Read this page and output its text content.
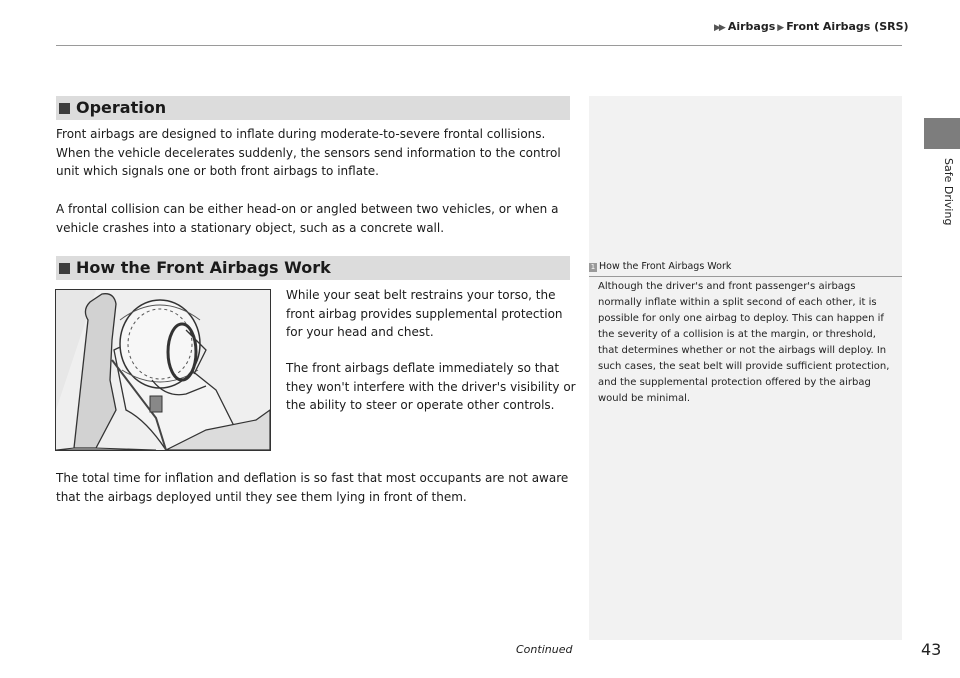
▶▶ Airbags ▶ Front Airbags (SRS)
Safe Driving
Operation
Front airbags are designed to inflate during moderate-to-severe frontal collisions. When the vehicle decelerates suddenly, the sensors send information to the control unit which signals one or both front airbags to inflate.
A frontal collision can be either head-on or angled between two vehicles, or when a vehicle crashes into a stationary object, such as a concrete wall.
How the Front Airbags Work
While your seat belt restrains your torso, the front airbag provides supplemental protection for your head and chest.
The front airbags deflate immediately so that they won't interfere with the driver's visibility or the ability to steer or operate other controls.
The total time for inflation and deflation is so fast that most occupants are not aware that the airbags deployed until they see them lying in front of them.
1 How the Front Airbags Work
Although the driver's and front passenger's airbags normally inflate within a split second of each other, it is possible for only one airbag to deploy. This can happen if the severity of a collision is at the margin, or threshold, that determines whether or not the airbags will deploy. In such cases, the seat belt will provide sufficient protection, and the supplemental protection offered by the airbag would be minimal.
Continued	43
